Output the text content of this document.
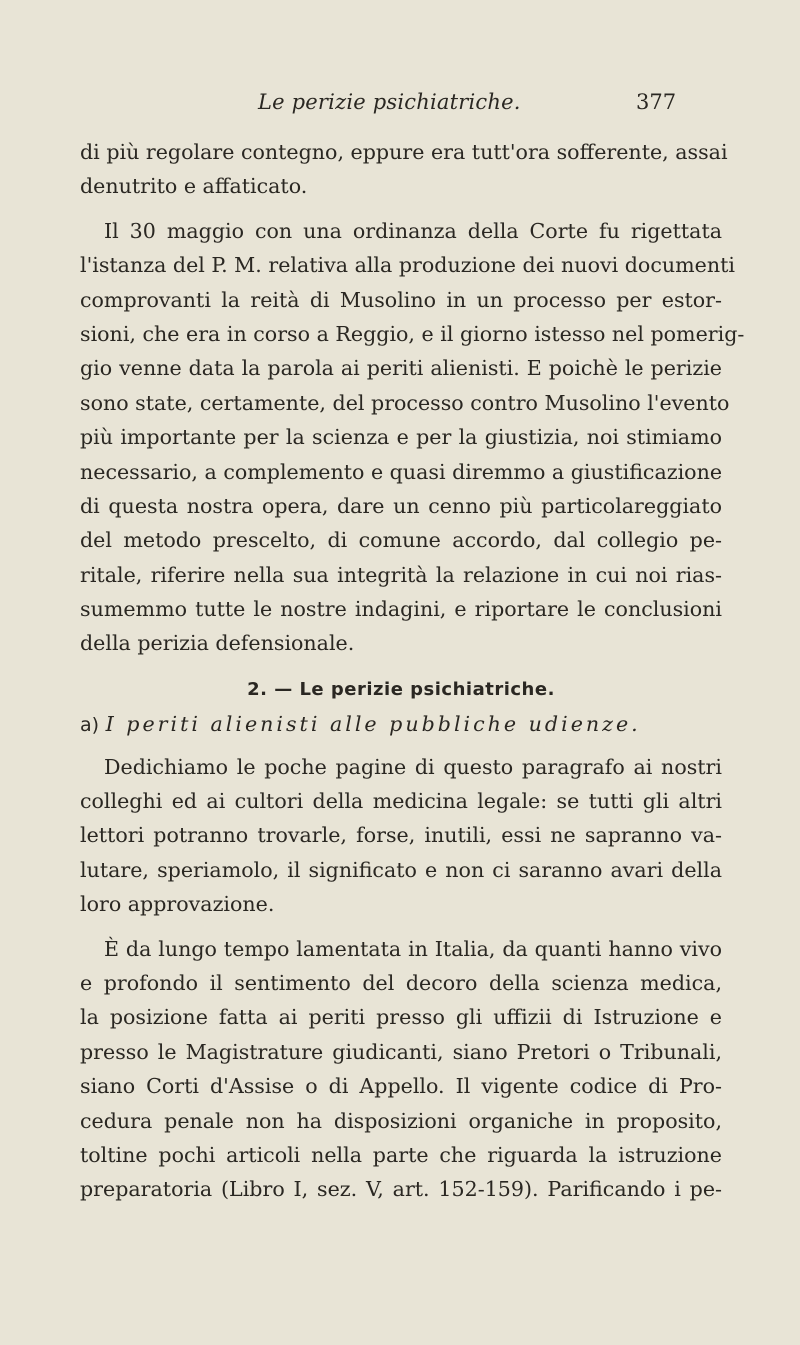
Le perizie psichiatriche.	377
di più regolare contegno, eppure era tutt'ora sofferente, assai
denutrito e affaticato.
Il 30 maggio con una ordinanza della Corte fu rigettata
l'istanza del P. M. relativa alla produzione dei nuovi documenti
comprovanti la reità di Musolino in un processo per estor-
sioni, che era in corso a Reggio, e il giorno istesso nel pomerig-
gio venne data la parola ai periti alienisti. E poichè le perizie
sono state, certamente, del processo contro Musolino l'evento
più importante per la scienza e per la giustizia, noi stimiamo
necessario, a complemento e quasi diremmo a giustificazione
di questa nostra opera, dare un cenno più particolareggiato
del metodo prescelto, di comune accordo, dal collegio pe-
ritale, riferire nella sua integrità la relazione in cui noi rias-
sumemmo tutte le nostre indagini, e riportare le conclusioni
della perizia defensionale.
2. — Le perizie psichiatriche.
a) I periti alienisti alle pubbliche udienze.
Dedichiamo le poche pagine di questo paragrafo ai nostri
colleghi ed ai cultori della medicina legale: se tutti gli altri
lettori potranno trovarle, forse, inutili, essi ne sapranno va-
lutare, speriamolo, il significato e non ci saranno avari della
loro approvazione.
È da lungo tempo lamentata in Italia, da quanti hanno vivo
e profondo il sentimento del decoro della scienza medica,
la posizione fatta ai periti presso gli uffizii di Istruzione e
presso le Magistrature giudicanti, siano Pretori o Tribunali,
siano Corti d'Assise o di Appello. Il vigente codice di Pro-
cedura penale non ha disposizioni organiche in proposito,
toltine pochi articoli nella parte che riguarda la istruzione
preparatoria (Libro I, sez. V, art. 152-159). Parificando i pe-
